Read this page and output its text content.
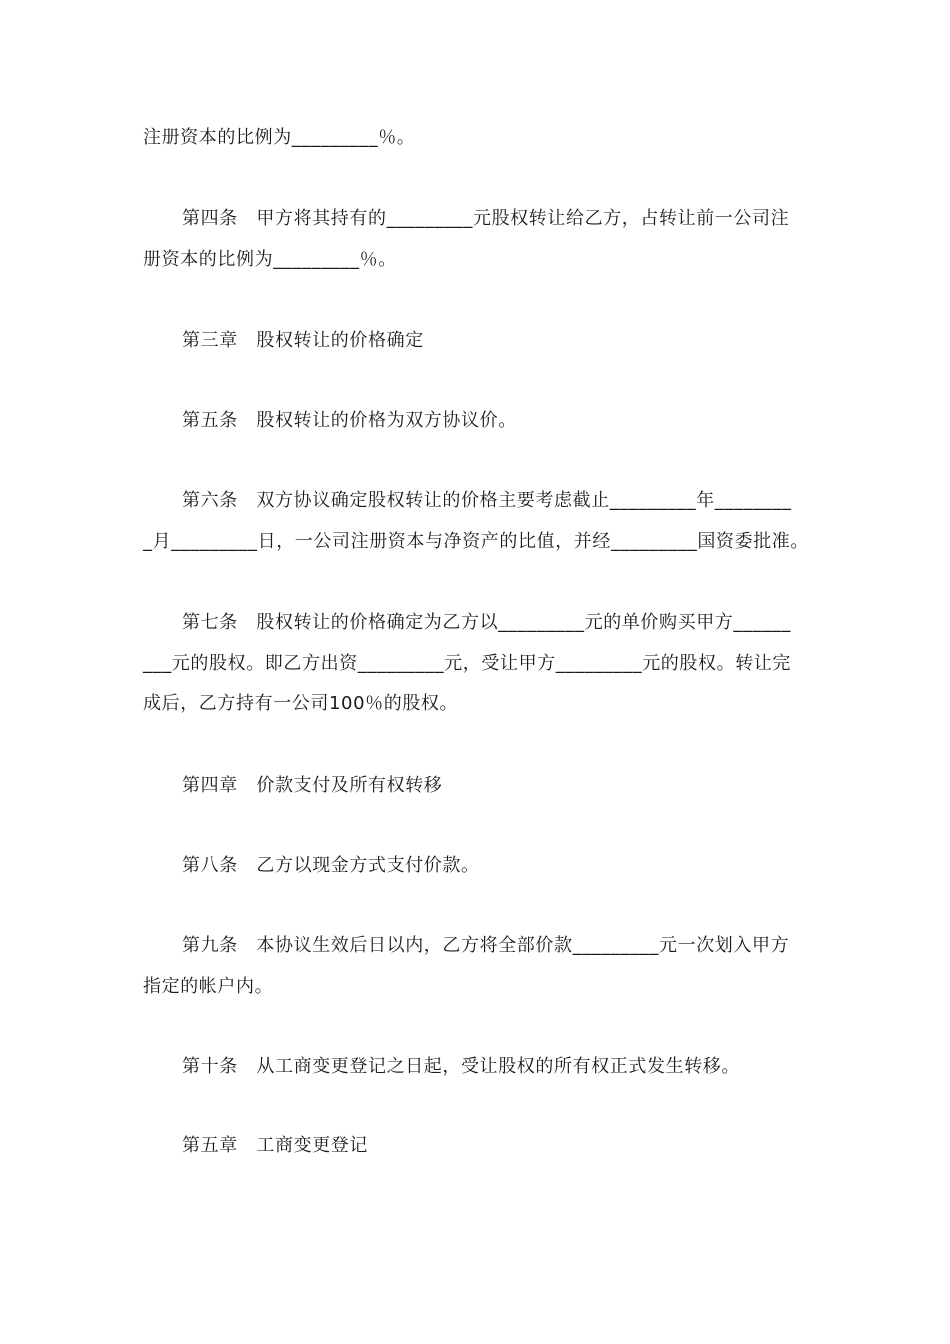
注册资本的比例为_________％。
第四条　甲方将其持有的_________元股权转让给乙方，占转让前一公司注
册资本的比例为_________％。
第三章　股权转让的价格确定
第五条　股权转让的价格为双方协议价。
第六条　双方协议确定股权转让的价格主要考虑截止_________年________
_月_________日，一公司注册资本与净资产的比值，并经_________国资委批准。
第七条　股权转让的价格确定为乙方以_________元的单价购买甲方______
___元的股权。即乙方出资_________元，受让甲方_________元的股权。转让完
成后，乙方持有一公司100％的股权。
第四章　价款支付及所有权转移
第八条　乙方以现金方式支付价款。
第九条　本协议生效后日以内，乙方将全部价款_________元一次划入甲方
指定的帐户内。
第十条　从工商变更登记之日起，受让股权的所有权正式发生转移。
第五章　工商变更登记
